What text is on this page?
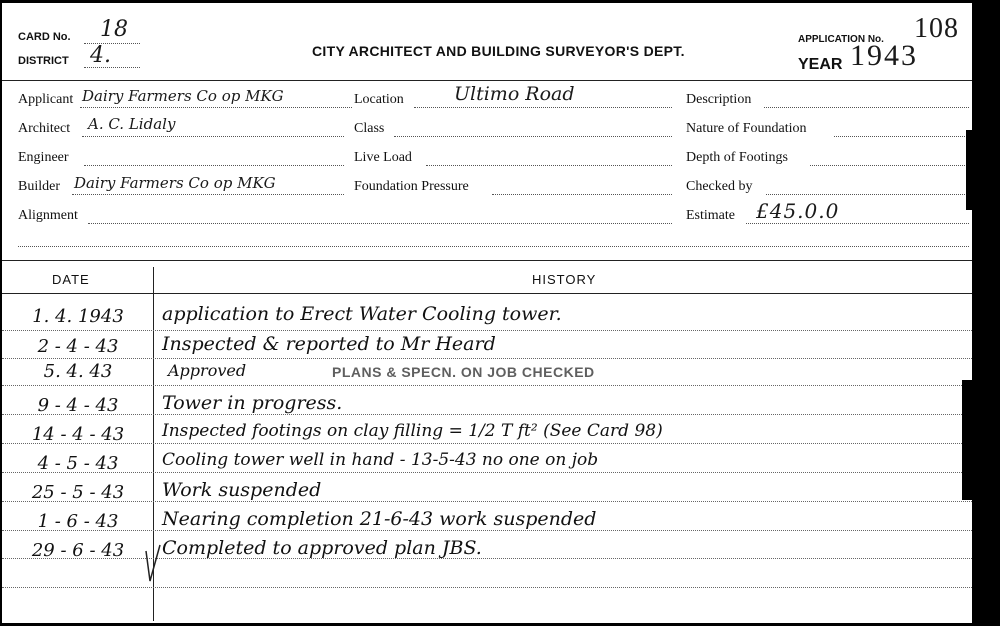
CARD No. 18
DISTRICT 4.	CITY ARCHITECT AND BUILDING SURVEYOR'S DEPT.
APPLICATION No. 108
YEAR 1943
Applicant Dairy Farmers Co op MKG	Location	Ultimo Road	Description
Architect A. C. Lidaly	Class	Nature of Foundation
Engineer	Live Load	Depth of Footings
Builder Dairy Farmers Co op MKG	Foundation Pressure	Checked by
Alignment	Estimate £45.0.0
DATE	HISTORY
1. 4. 1943	application to Erect Water Cooling tower.
2 - 4 - 43	Inspected & reported to Mr Heard
5. 4. 43	Approved	PLANS & SPECN. ON JOB CHECKED
9 - 4 - 43	Tower in progress.
14 - 4 - 43	Inspected footings on clay filling = 1/2 T ft² (See Card 98)
4 - 5 - 43	Cooling tower well in hand - 13-5-43 no one on job
25 - 5 - 43	Work suspended
1 - 6 - 43	Nearing completion 21-6-43 work suspended
29 - 6 - 43	Completed to approved plan JBS.
